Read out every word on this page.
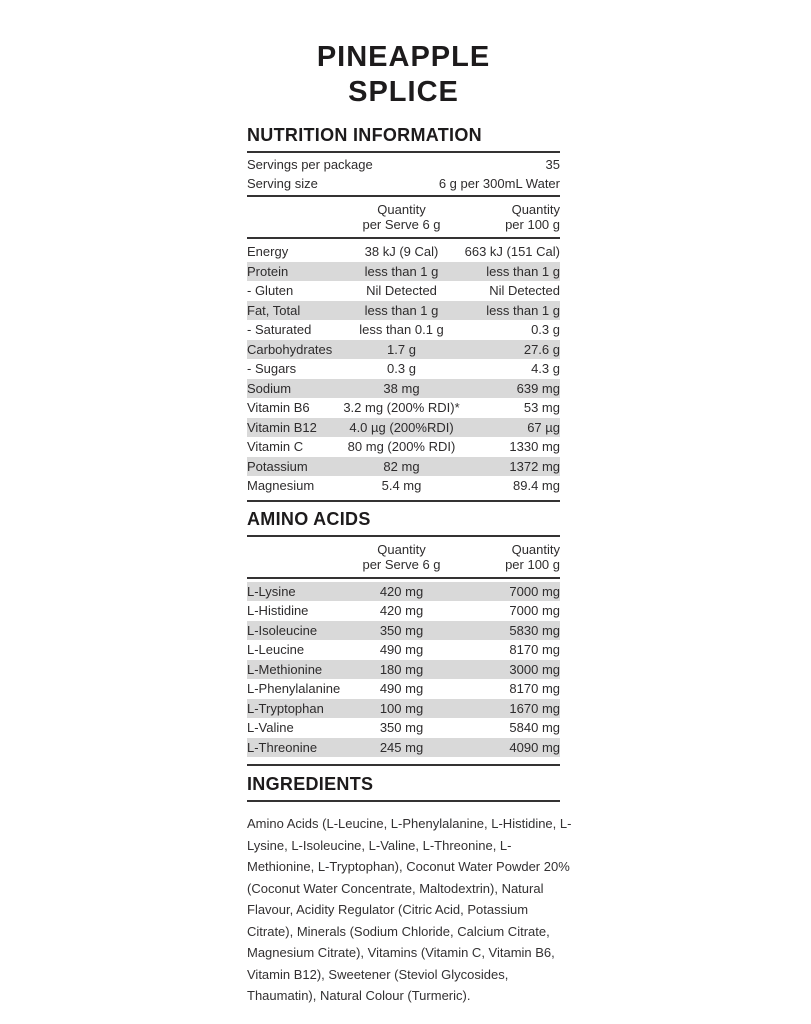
PINEAPPLE
SPLICE
NUTRITION INFORMATION
Servings per package	35
Serving size	6 g per 300mL Water
Quantity
per Serve 6 g
Quantity
per 100 g
Energy	38 kJ (9 Cal)	663 kJ (151 Cal)
Protein	less than 1 g	less than 1 g
- Gluten	Nil Detected	Nil Detected
Fat, Total	less than 1 g	less than 1 g
- Saturated	less than 0.1 g	0.3 g
Carbohydrates	1.7 g	27.6 g
- Sugars	0.3 g	4.3 g
Sodium	38 mg	639 mg
Vitamin B6	3.2 mg (200% RDI)*	53 mg
Vitamin B12	4.0 µg (200%RDI)	67 µg
Vitamin C	80 mg (200% RDI)	1330 mg
Potassium	82 mg	1372 mg
Magnesium	5.4 mg	89.4 mg
AMINO ACIDS
Quantity
per Serve 6 g
Quantity
per 100 g
L-Lysine	420 mg	7000 mg
L-Histidine	420 mg	7000 mg
L-Isoleucine	350 mg	5830 mg
L-Leucine	490 mg	8170 mg
L-Methionine	180 mg	3000 mg
L-Phenylalanine	490 mg	8170 mg
L-Tryptophan	100 mg	1670 mg
L-Valine	350 mg	5840 mg
L-Threonine	245 mg	4090 mg
INGREDIENTS

Amino Acids (L-Leucine, L-Phenylalanine, L-Histidine, L-Lysine, L-Isoleucine, L-Valine, L-Threonine, L-Methionine, L-Tryptophan), Coconut Water Powder 20% (Coconut Water Concentrate, Maltodextrin), Natural Flavour, Acidity Regulator (Citric Acid, Potassium Citrate), Minerals (Sodium Chloride, Calcium Citrate, Magnesium Citrate), Vitamins (Vitamin C, Vitamin B6, Vitamin B12), Sweetener (Steviol Glycosides, Thaumatin), Natural Colour (Turmeric).
